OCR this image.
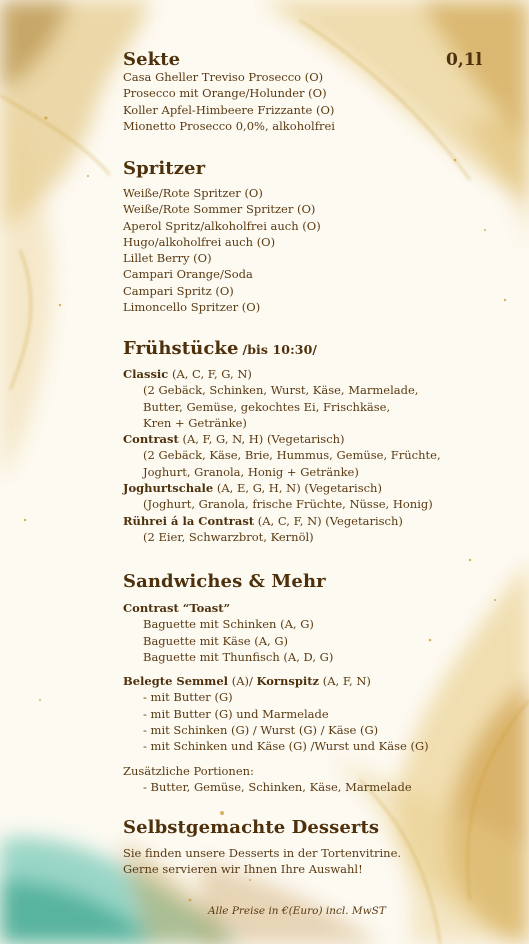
Sekte	0,1l
Casa Gheller Treviso Prosecco (O)
Prosecco mit Orange/Holunder (O)
Koller Apfel-Himbeere Frizzante (O)
Mionetto Prosecco 0,0%, alkoholfrei
Spritzer
Weiße/Rote Spritzer (O)
Weiße/Rote Sommer Spritzer (O)
Aperol Spritz/alkoholfrei auch (O)
Hugo/alkoholfrei auch (O)
Lillet Berry (O)
Campari Orange/Soda
Campari Spritz (O)
Limoncello Spritzer (O)
Frühstücke /bis 10:30/
Classic (A, C, F, G, N)
(2 Gebäck, Schinken, Wurst, Käse, Marmelade,
Butter, Gemüse, gekochtes Ei, Frischkäse,
Kren + Getränke)
Contrast (A, F, G, N, H) (Vegetarisch)
(2 Gebäck, Käse, Brie, Hummus, Gemüse, Früchte,
Joghurt, Granola, Honig + Getränke)
Joghurtschale (A, E, G, H, N) (Vegetarisch)
(Joghurt, Granola, frische Früchte, Nüsse, Honig)
Rührei á la Contrast (A, C, F, N) (Vegetarisch)
(2 Eier, Schwarzbrot, Kernöl)
Sandwiches & Mehr
Contrast “Toast”
Baguette mit Schinken (A, G)
Baguette mit Käse (A, G)
Baguette mit Thunfisch (A, D, G)
Belegte Semmel (A)/ Kornspitz (A, F, N)
- mit Butter (G)
- mit Butter (G) und Marmelade
- mit Schinken (G) / Wurst (G) / Käse (G)
- mit Schinken und Käse (G) /Wurst und Käse (G)
Zusätzliche Portionen:
- Butter, Gemüse, Schinken, Käse, Marmelade
Selbstgemachte Desserts
Sie finden unsere Desserts in der Tortenvitrine.
Gerne servieren wir Ihnen Ihre Auswahl!
Alle Preise in €(Euro) incl. MwST
